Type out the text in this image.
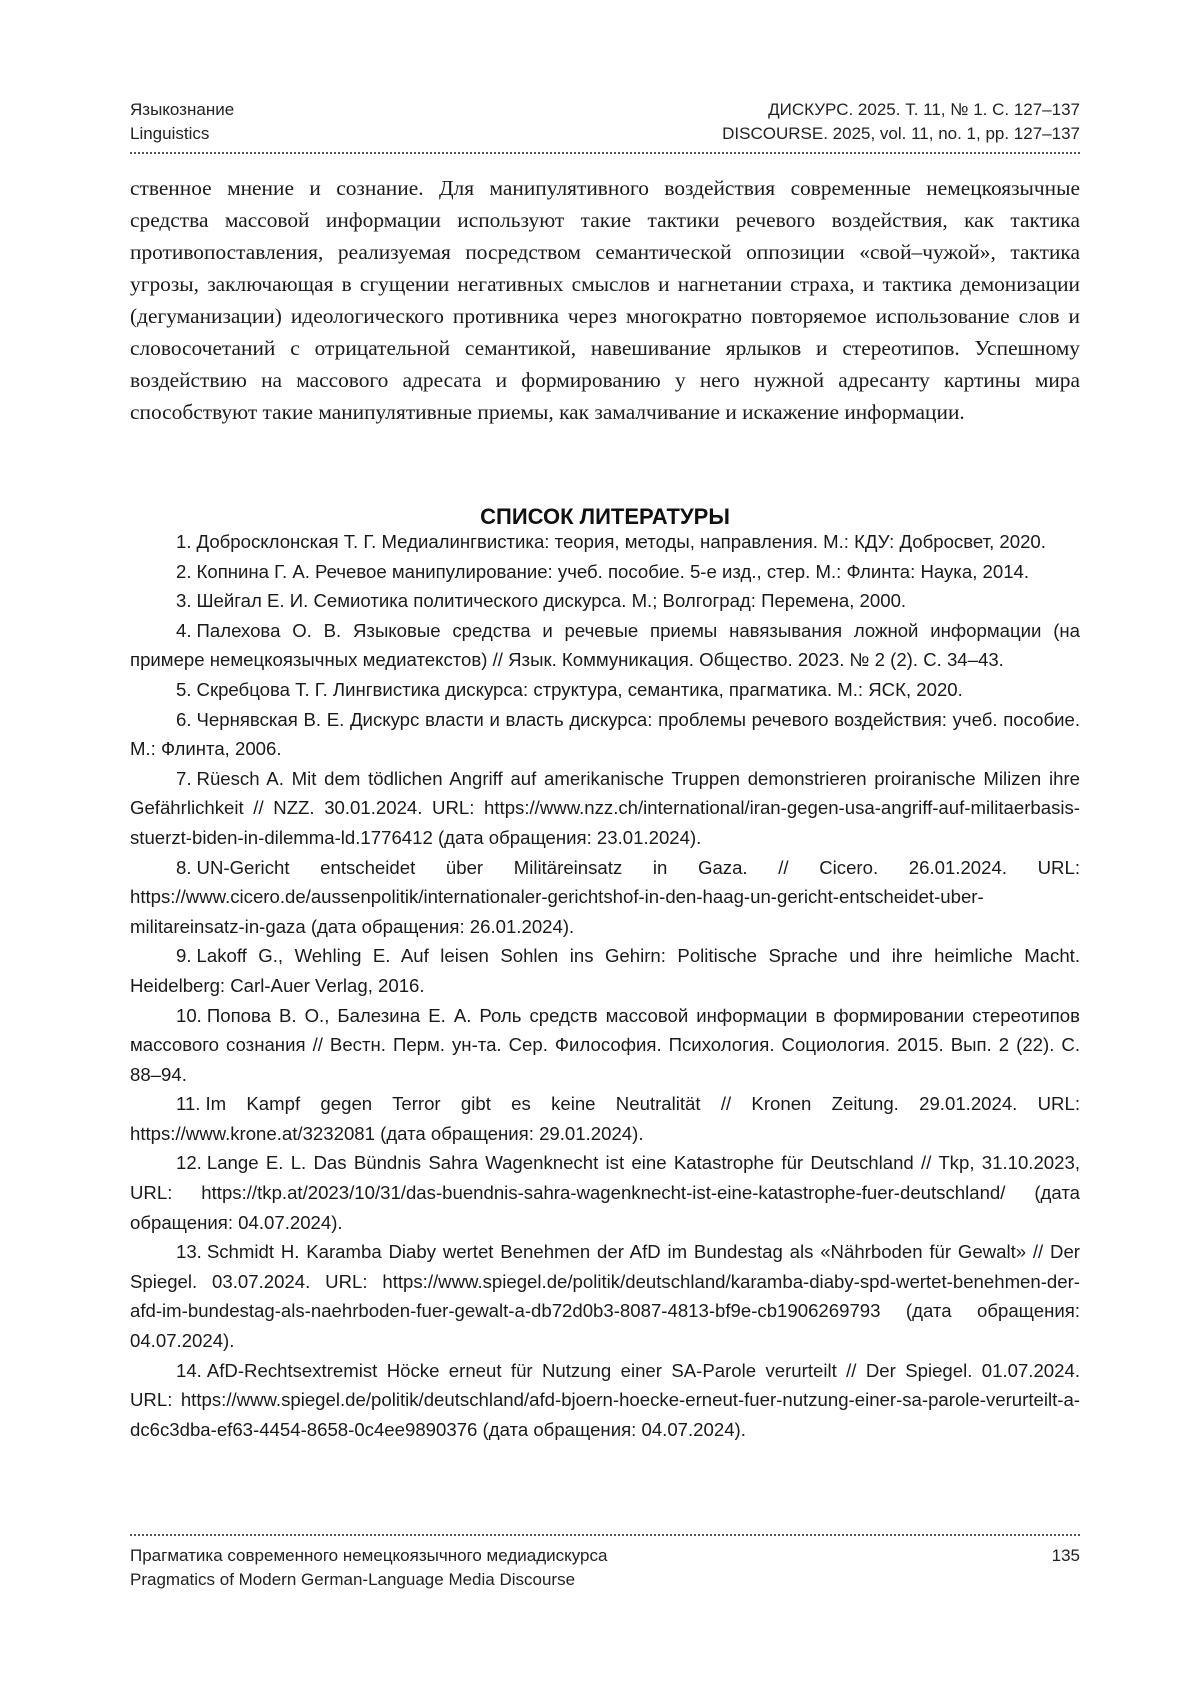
Языкознание	ДИСКУРС. 2025. Т. 11, № 1. С. 127–137
Linguistics	DISCOURSE. 2025, vol. 11, no. 1, pp. 127–137

ственное мнение и сознание. Для манипулятивного воздействия современные немецкоязычные средства массовой информации используют такие тактики речевого воздействия, как тактика противопоставления, реализуемая посредством семантической оппозиции «свой–чужой», тактика угрозы, заключающая в сгущении негативных смыслов и нагнетании страха, и тактика демонизации (дегуманизации) идеологического противника через многократно повторяемое использование слов и словосочетаний с отрицательной семантикой, навешивание ярлыков и стереотипов. Успешному воздействию на массового адресата и формированию у него нужной адресанту картины мира способствуют такие манипулятивные приемы, как замалчивание и искажение информации.

СПИСОК ЛИТЕРАТУРЫ
1. Добросклонская Т. Г. Медиалингвистика: теория, методы, направления. М.: КДУ: Добросвет, 2020.
2. Копнина Г. А. Речевое манипулирование: учеб. пособие. 5-е изд., стер. М.: Флинта: Наука, 2014.
3. Шейгал Е. И. Семиотика политического дискурса. М.; Волгоград: Перемена, 2000.
4. Палехова О. В. Языковые средства и речевые приемы навязывания ложной информации (на примере немецкоязычных медиатекстов) // Язык. Коммуникация. Общество. 2023. № 2 (2). С. 34–43.
5. Скребцова Т. Г. Лингвистика дискурса: структура, семантика, прагматика. М.: ЯСК, 2020.
6. Чернявская В. Е. Дискурс власти и власть дискурса: проблемы речевого воздействия: учеб. пособие. М.: Флинта, 2006.
7. Rüesch A. Mit dem tödlichen Angriff auf amerikanische Truppen demonstrieren proiranische Milizen ihre Gefährlichkeit // NZZ. 30.01.2024. URL: https://www.nzz.ch/international/iran-gegen-usa-angriff-auf-militaerbasis-stuerzt-biden-in-dilemma-ld.1776412 (дата обращения: 23.01.2024).
8. UN-Gericht entscheidet über Militäreinsatz in Gaza. // Cicero. 26.01.2024. URL: https://www.cicero.de/aussenpolitik/internationaler-gerichtshof-in-den-haag-un-gericht-entscheidet-uber-militareinsatz-in-gaza (дата обращения: 26.01.2024).
9. Lakoff G., Wehling E. Auf leisen Sohlen ins Gehirn: Politische Sprache und ihre heimliche Macht. Heidelberg: Carl-Auer Verlag, 2016.
10. Попова В. О., Балезина Е. А. Роль средств массовой информации в формировании стереотипов массового сознания // Вестн. Перм. ун-та. Сер. Философия. Психология. Социология. 2015. Вып. 2 (22). С. 88–94.
11. Im Kampf gegen Terror gibt es keine Neutralität // Kronen Zeitung. 29.01.2024. URL: https://www.krone.at/3232081 (дата обращения: 29.01.2024).
12. Lange E. L. Das Bündnis Sahra Wagenknecht ist eine Katastrophe für Deutschland // Tkp, 31.10.2023, URL: https://tkp.at/2023/10/31/das-buendnis-sahra-wagenknecht-ist-eine-katastrophe-fuer-deutschland/ (дата обращения: 04.07.2024).
13. Schmidt H. Karamba Diaby wertet Benehmen der AfD im Bundestag als «Nährboden für Gewalt» // Der Spiegel. 03.07.2024. URL: https://www.spiegel.de/politik/deutschland/karamba-diaby-spd-wertet-benehmen-der-afd-im-bundestag-als-naehrboden-fuer-gewalt-a-db72d0b3-8087-4813-bf9e-cb1906269793 (дата обращения: 04.07.2024).
14. AfD-Rechtsextremist Höcke erneut für Nutzung einer SA-Parole verurteilt // Der Spiegel. 01.07.2024. URL: https://www.spiegel.de/politik/deutschland/afd-bjoern-hoecke-erneut-fuer-nutzung-einer-sa-parole-verurteilt-a-dc6c3dba-ef63-4454-8658-0c4ee9890376 (дата обращения: 04.07.2024).
Прагматика современного немецкоязычного медиадискурса	135
Pragmatics of Modern German-Language Media Discourse
